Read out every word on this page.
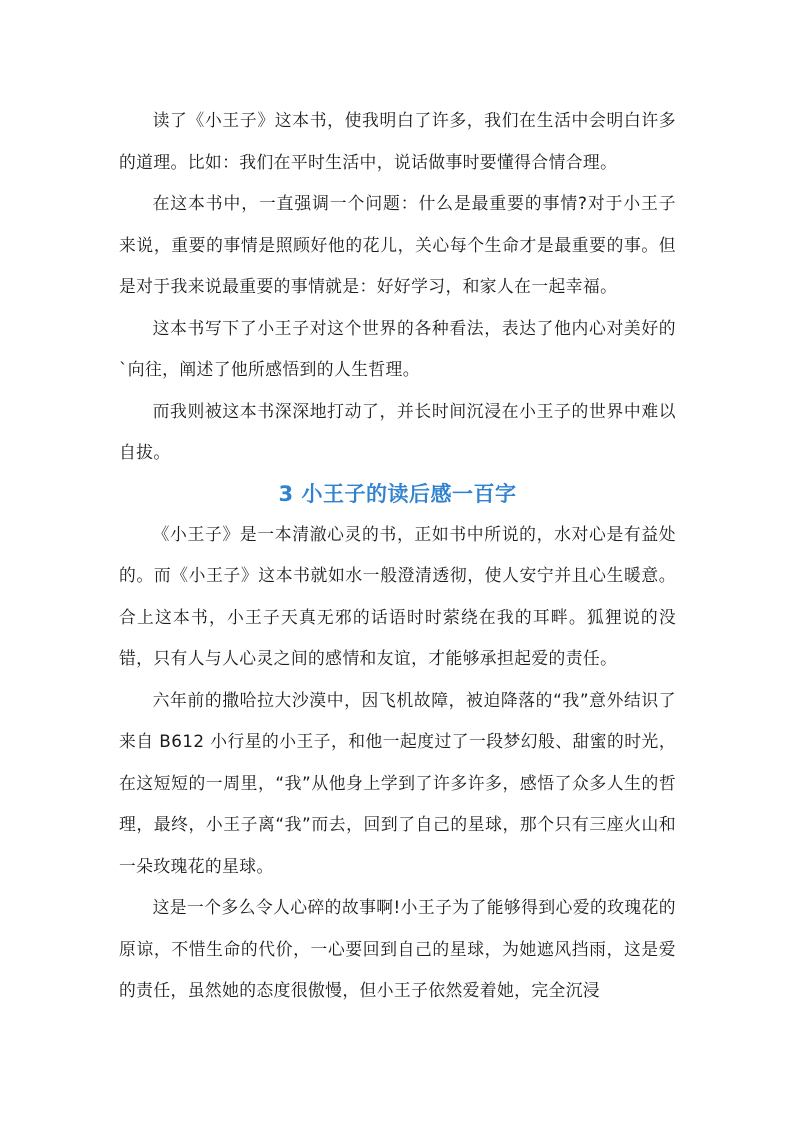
读了《小王子》这本书，使我明白了许多，我们在生活中会明白许多的道理。比如：我们在平时生活中，说话做事时要懂得合情合理。

在这本书中，一直强调一个问题：什么是最重要的事情?对于小王子来说，重要的事情是照顾好他的花儿，关心每个生命才是最重要的事。但是对于我来说最重要的事情就是：好好学习，和家人在一起幸福。

这本书写下了小王子对这个世界的各种看法，表达了他内心对美好的`向往，阐述了他所感悟到的人生哲理。

而我则被这本书深深地打动了，并长时间沉浸在小王子的世界中难以自拔。

3 小王子的读后感一百字

《小王子》是一本清澈心灵的书，正如书中所说的，水对心是有益处的。而《小王子》这本书就如水一般澄清透彻，使人安宁并且心生暖意。合上这本书，小王子天真无邪的话语时时萦绕在我的耳畔。狐狸说的没错，只有人与人心灵之间的感情和友谊，才能够承担起爱的责任。

六年前的撒哈拉大沙漠中，因飞机故障，被迫降落的“我”意外结识了来自 B612 小行星的小王子，和他一起度过了一段梦幻般、甜蜜的时光，在这短短的一周里，“我”从他身上学到了许多许多，感悟了众多人生的哲理，最终，小王子离“我”而去，回到了自己的星球，那个只有三座火山和一朵玫瑰花的星球。

这是一个多么令人心碎的故事啊!小王子为了能够得到心爱的玫瑰花的原谅，不惜生命的代价，一心要回到自己的星球，为她遮风挡雨，这是爱的责任，虽然她的态度很傲慢，但小王子依然爱着她，完全沉浸
